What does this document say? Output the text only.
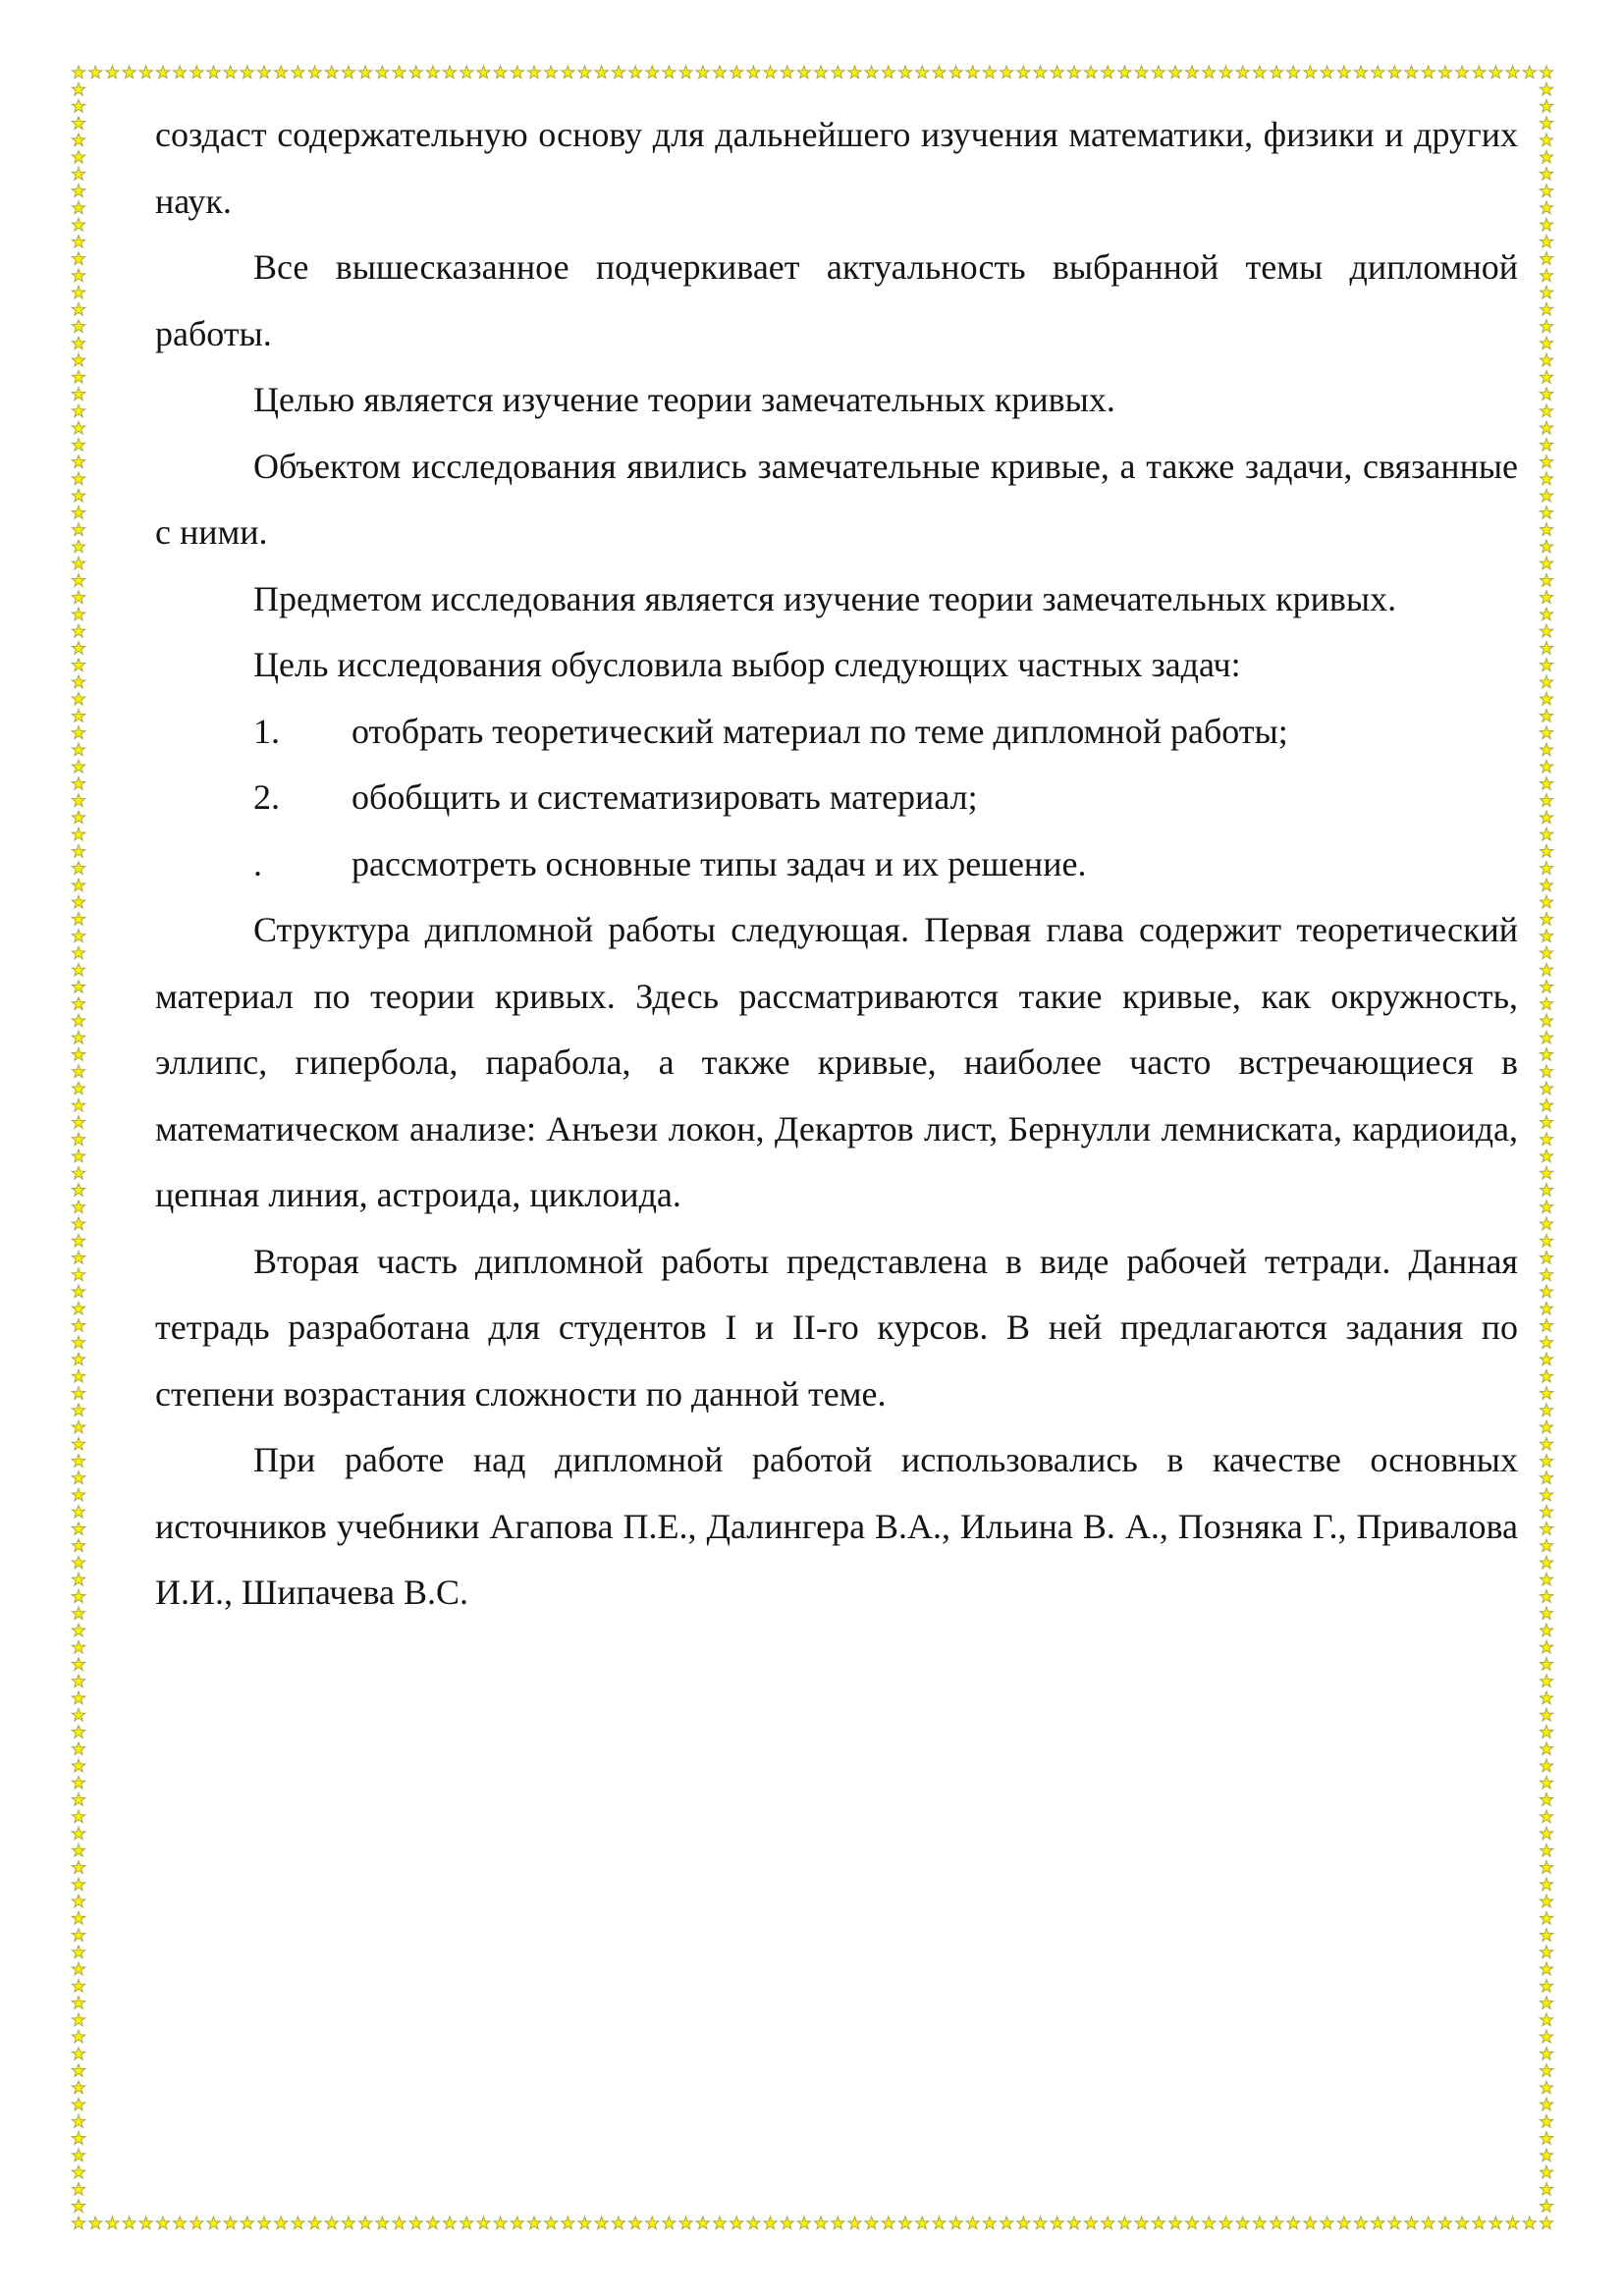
создаст содержательную основу для дальнейшего изучения математики, физики и других наук.

Все вышесказанное подчеркивает актуальность выбранной темы дипломной работы.

Целью является изучение теории замечательных кривых.

Объектом исследования явились замечательные кривые, а также задачи, связанные с ними.

Предметом исследования является изучение теории замечательных кривых.

Цель исследования обусловила выбор следующих частных задач:

1.	отобрать теоретический материал по теме дипломной работы;
2.	обобщить и систематизировать материал;
.	рассмотреть основные типы задач и их решение.

Структура дипломной работы следующая. Первая глава содержит теоретический материал по теории кривых. Здесь рассматриваются такие кривые, как окружность, эллипс, гипербола, парабола, а также кривые, наиболее часто встречающиеся в математическом анализе: Анъези локон, Декартов лист, Бернулли лемниската, кардиоида, цепная линия, астроида, циклоида.

Вторая часть дипломной работы представлена в виде рабочей тетради. Данная тетрадь разработана для студентов I и II-го курсов. В ней предлагаются задания по степени возрастания сложности по данной теме.

При работе над дипломной работой использовались в качестве основных источников учебники Агапова П.Е., Далингера В.А., Ильина В. А., Позняка Г., Привалова И.И., Шипачева В.С.
